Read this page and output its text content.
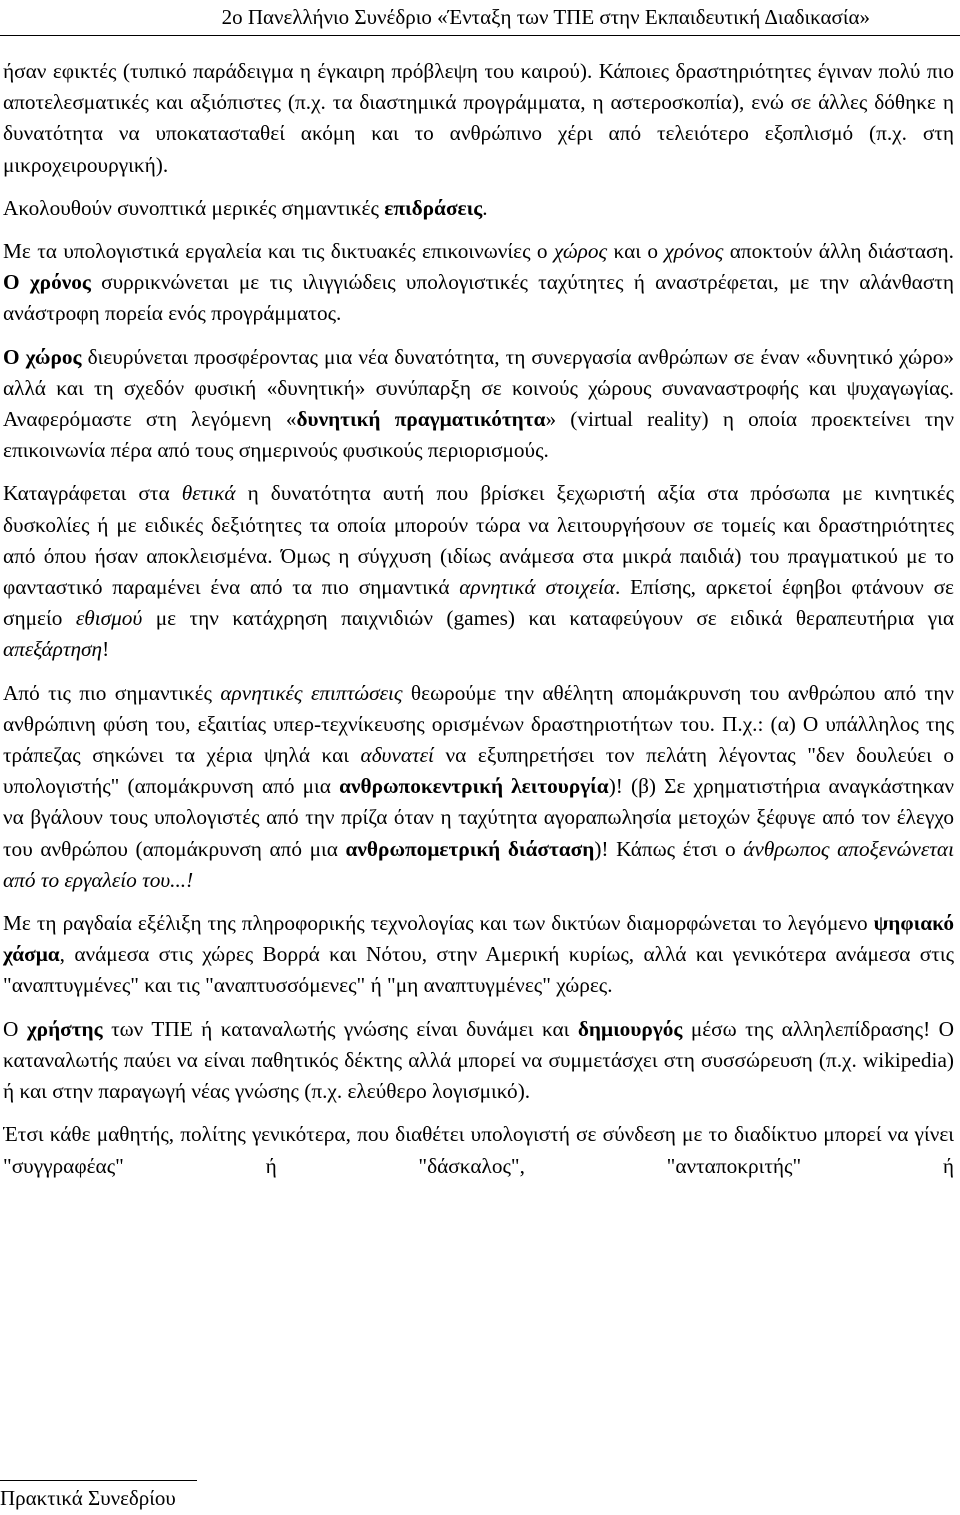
2ο Πανελλήνιο Συνέδριο «Ένταξη των ΤΠΕ στην Εκπαιδευτική Διαδικασία»
ήσαν εφικτές (τυπικό παράδειγμα η έγκαιρη πρόβλεψη του καιρού). Κάποιες δραστηριότητες έγιναν πολύ πιο αποτελεσματικές και αξιόπιστες (π.χ. τα διαστημικά προγράμματα, η αστεροσκοπία), ενώ σε άλλες δόθηκε η δυνατότητα να υποκατασταθεί ακόμη και το ανθρώπινο χέρι από τελειότερο εξοπλισμό (π.χ. στη μικροχειρουργική).
Ακολουθούν συνοπτικά μερικές σημαντικές επιδράσεις.
Με τα υπολογιστικά εργαλεία και τις δικτυακές επικοινωνίες ο χώρος και ο χρόνος αποκτούν άλλη διάσταση. Ο χρόνος συρρικνώνεται με τις ιλιγγιώδεις υπολογιστικές ταχύτητες ή αναστρέφεται, με την αλάνθαστη ανάστροφη πορεία ενός προγράμματος.
Ο χώρος διευρύνεται προσφέροντας μια νέα δυνατότητα, τη συνεργασία ανθρώπων σε έναν «δυνητικό χώρο» αλλά και τη σχεδόν φυσική «δυνητική» συνύπαρξη σε κοινούς χώρους συναναστροφής και ψυχαγωγίας. Αναφερόμαστε στη λεγόμενη «δυνητική πραγματικότητα» (virtual reality) η οποία προεκτείνει την επικοινωνία πέρα από τους σημερινούς φυσικούς περιορισμούς.
Καταγράφεται στα θετικά η δυνατότητα αυτή που βρίσκει ξεχωριστή αξία στα πρόσωπα με κινητικές δυσκολίες ή με ειδικές δεξιότητες τα οποία μπορούν τώρα να λειτουργήσουν σε τομείς και δραστηριότητες από όπου ήσαν αποκλεισμένα. Όμως η σύγχυση (ιδίως ανάμεσα στα μικρά παιδιά) του πραγματικού με το φανταστικό παραμένει ένα από τα πιο σημαντικά αρνητικά στοιχεία. Επίσης, αρκετοί έφηβοι φτάνουν σε σημείο εθισμού με την κατάχρηση παιχνιδιών (games) και καταφεύγουν σε ειδικά θεραπευτήρια για απεξάρτηση!
Από τις πιο σημαντικές αρνητικές επιπτώσεις θεωρούμε την αθέλητη απομάκρυνση του ανθρώπου από την ανθρώπινη φύση του, εξαιτίας υπερ-τεχνίκευσης ορισμένων δραστηριοτήτων του. Π.χ.: (α) Ο υπάλληλος της τράπεζας σηκώνει τα χέρια ψηλά και αδυνατεί να εξυπηρετήσει τον πελάτη λέγοντας "δεν δουλεύει ο υπολογιστής" (απομάκρυνση από μια ανθρωποκεντρική λειτουργία)! (β) Σε χρηματιστήρια αναγκάστηκαν να βγάλουν τους υπολογιστές από την πρίζα όταν η ταχύτητα αγοραπωλησία μετοχών ξέφυγε από τον έλεγχο του ανθρώπου (απομάκρυνση από μια ανθρωπομετρική διάσταση)! Κάπως έτσι ο άνθρωπος αποξενώνεται από το εργαλείο του...!
Με τη ραγδαία εξέλιξη της πληροφορικής τεχνολογίας και των δικτύων διαμορφώνεται το λεγόμενο ψηφιακό χάσμα, ανάμεσα στις χώρες Βορρά και Νότου, στην Αμερική κυρίως, αλλά και γενικότερα ανάμεσα στις "αναπτυγμένες" και τις "αναπτυσσόμενες" ή "μη αναπτυγμένες" χώρες.
Ο χρήστης των ΤΠΕ ή καταναλωτής γνώσης είναι δυνάμει και δημιουργός μέσω της αλληλεπίδρασης! Ο καταναλωτής παύει να είναι παθητικός δέκτης αλλά μπορεί να συμμετάσχει στη συσσώρευση (π.χ. wikipedia) ή και στην παραγωγή νέας γνώσης (π.χ. ελεύθερο λογισμικό).
Έτσι κάθε μαθητής, πολίτης γενικότερα, που διαθέτει υπολογιστή σε σύνδεση με το διαδίκτυο μπορεί να γίνει "συγγραφέας" ή "δάσκαλος", "ανταποκριτής" ή
Πρακτικά Συνεδρίου
